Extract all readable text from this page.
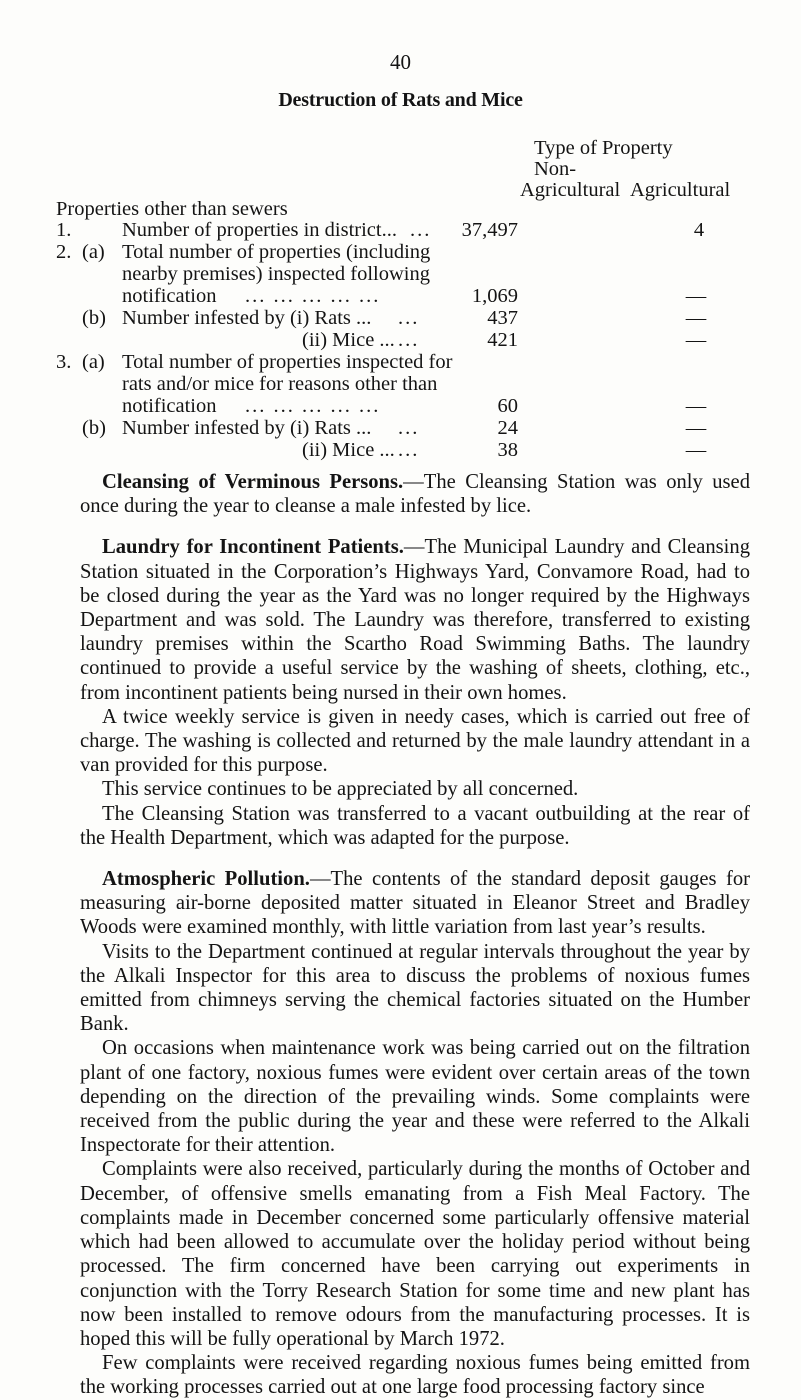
40
Destruction of Rats and Mice
Type of Property
Non-
Agricultural Agricultural
Properties other than sewers
1. Number of properties in district... ...	37,497	4
2. (a) Total number of properties (including
nearby premises) inspected following
notification ... ... ... ... ...	1,069	—
(b) Number infested by (i) Rats ... ...	437	—
(ii) Mice ... ...	421	—
3. (a) Total number of properties inspected for
rats and/or mice for reasons other than
notification ... ... ... ... ...	60	—
(b) Number infested by (i) Rats ... ...	24	—
(ii) Mice ... ...	38	—

Cleansing of Verminous Persons.—The Cleansing Station was only used once during the year to cleanse a male infested by lice.

Laundry for Incontinent Patients.—The Municipal Laundry and Cleansing Station situated in the Corporation’s Highways Yard, Convamore Road, had to be closed during the year as the Yard was no longer required by the Highways Department and was sold. The Laundry was therefore, transferred to existing laundry premises within the Scartho Road Swimming Baths. The laundry continued to provide a useful service by the washing of sheets, clothing, etc., from incontinent patients being nursed in their own homes.

A twice weekly service is given in needy cases, which is carried out free of charge. The washing is collected and returned by the male laundry attendant in a van provided for this purpose.

This service continues to be appreciated by all concerned.

The Cleansing Station was transferred to a vacant outbuilding at the rear of the Health Department, which was adapted for the purpose.

Atmospheric Pollution.—The contents of the standard deposit gauges for measuring air-borne deposited matter situated in Eleanor Street and Bradley Woods were examined monthly, with little variation from last year’s results.

Visits to the Department continued at regular intervals throughout the year by the Alkali Inspector for this area to discuss the problems of noxious fumes emitted from chimneys serving the chemical factories situated on the Humber Bank.

On occasions when maintenance work was being carried out on the filtration plant of one factory, noxious fumes were evident over certain areas of the town depending on the direction of the prevailing winds. Some complaints were received from the public during the year and these were referred to the Alkali Inspectorate for their attention.

Complaints were also received, particularly during the months of October and December, of offensive smells emanating from a Fish Meal Factory. The complaints made in December concerned some particularly offensive material which had been allowed to accumulate over the holiday period without being processed. The firm concerned have been carrying out experiments in conjunction with the Torry Research Station for some time and new plant has now been installed to remove odours from the manufacturing processes. It is hoped this will be fully operational by March 1972.

Few complaints were received regarding noxious fumes being emitted from the working processes carried out at one large food processing factory since
